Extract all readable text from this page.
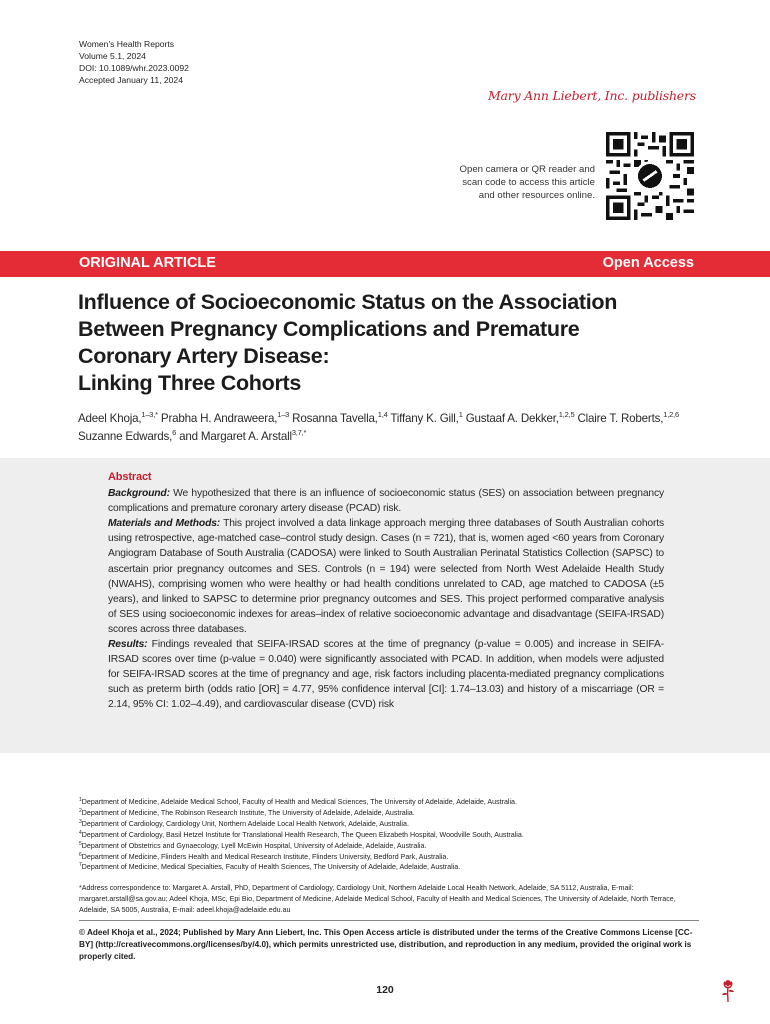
Women's Health Reports
Volume 5.1, 2024
DOI: 10.1089/whr.2023.0092
Accepted January 11, 2024
Mary Ann Liebert, Inc. publishers
Open camera or QR reader and
scan code to access this article
and other resources online.
ORIGINAL ARTICLE	Open Access
Influence of Socioeconomic Status on the Association
Between Pregnancy Complications and Premature
Coronary Artery Disease:
Linking Three Cohorts
Adeel Khoja,$^{1-3,*}$ Prabha H. Andraweera,$^{1-3}$ Rosanna Tavella,$^{1,4}$ Tiffany K. Gill,$^1$ Gustaaf A. Dekker,$^{1,2,5}$ Claire T. Roberts,$^{1,2,6}$
Suzanne Edwards,$^6$ and Margaret A. Arstall$^{3,7,*}$
Abstract

Background: We hypothesized that there is an influence of socioeconomic status (SES) on association between pregnancy complications and premature coronary artery disease (PCAD) risk.

Materials and Methods: This project involved a data linkage approach merging three databases of South Australian cohorts using retrospective, age-matched case–control study design. Cases (n = 721), that is, women aged <60 years from Coronary Angiogram Database of South Australia (CADOSA) were linked to South Australian Perinatal Statistics Collection (SAPSC) to ascertain prior pregnancy outcomes and SES. Controls (n = 194) were selected from North West Adelaide Health Study (NWAHS), comprising women who were healthy or had health conditions unrelated to CAD, age matched to CADOSA (±5 years), and linked to SAPSC to determine prior pregnancy outcomes and SES. This project performed comparative analysis of SES using socioeconomic indexes for areas–index of relative socioeconomic advantage and disadvantage (SEIFA-IRSAD) scores across three databases.

Results: Findings revealed that SEIFA-IRSAD scores at the time of pregnancy (p-value = 0.005) and increase in SEIFA-IRSAD scores over time (p-value = 0.040) were significantly associated with PCAD. In addition, when models were adjusted for SEIFA-IRSAD scores at the time of pregnancy and age, risk factors including placenta-mediated pregnancy complications such as preterm birth (odds ratio [OR] = 4.77, 95% confidence interval [CI]: 1.74–13.03) and history of a miscarriage (OR = 2.14, 95% CI: 1.02–4.49), and cardiovascular disease (CVD) risk

$^1$Department of Medicine, Adelaide Medical School, Faculty of Health and Medical Sciences, The University of Adelaide, Adelaide, Australia.
$^2$Department of Medicine, The Robinson Research Institute, The University of Adelaide, Adelaide, Australia.
$^3$Department of Cardiology, Cardiology Unit, Northern Adelaide Local Health Network, Adelaide, Australia.
$^4$Department of Cardiology, Basil Hetzel Institute for Translational Health Research, The Queen Elizabeth Hospital, Woodville South, Australia.
$^5$Department of Obstetrics and Gynaecology, Lyell McEwin Hospital, University of Adelaide, Adelaide, Australia.
$^6$Department of Medicine, Flinders Health and Medical Research Institute, Flinders University, Bedford Park, Australia.
$^7$Department of Medicine, Medical Specialties, Faculty of Health Sciences, The University of Adelaide, Adelaide, Australia.
*Address correspondence to: Margaret A. Arstall, PhD, Department of Cardiology, Cardiology Unit, Northern Adelaide Local Health Network, Adelaide, SA 5112, Australia, E-mail: margaret.arstall@sa.gov.au; Adeel Khoja, MSc, Epi Bio, Department of Medicine, Adelaide Medical School, Faculty of Health and Medical Sciences, The University of Adelaide, North Terrace, Adelaide, SA 5005, Australia, E-mail: adeel.khoja@adelaide.edu.au
© Adeel Khoja et al., 2024; Published by Mary Ann Liebert, Inc. This Open Access article is distributed under the terms of the Creative Commons License [CC-BY] (http://creativecommons.org/licenses/by/4.0), which permits unrestricted use, distribution, and reproduction in any medium, provided the original work is properly cited.
120
